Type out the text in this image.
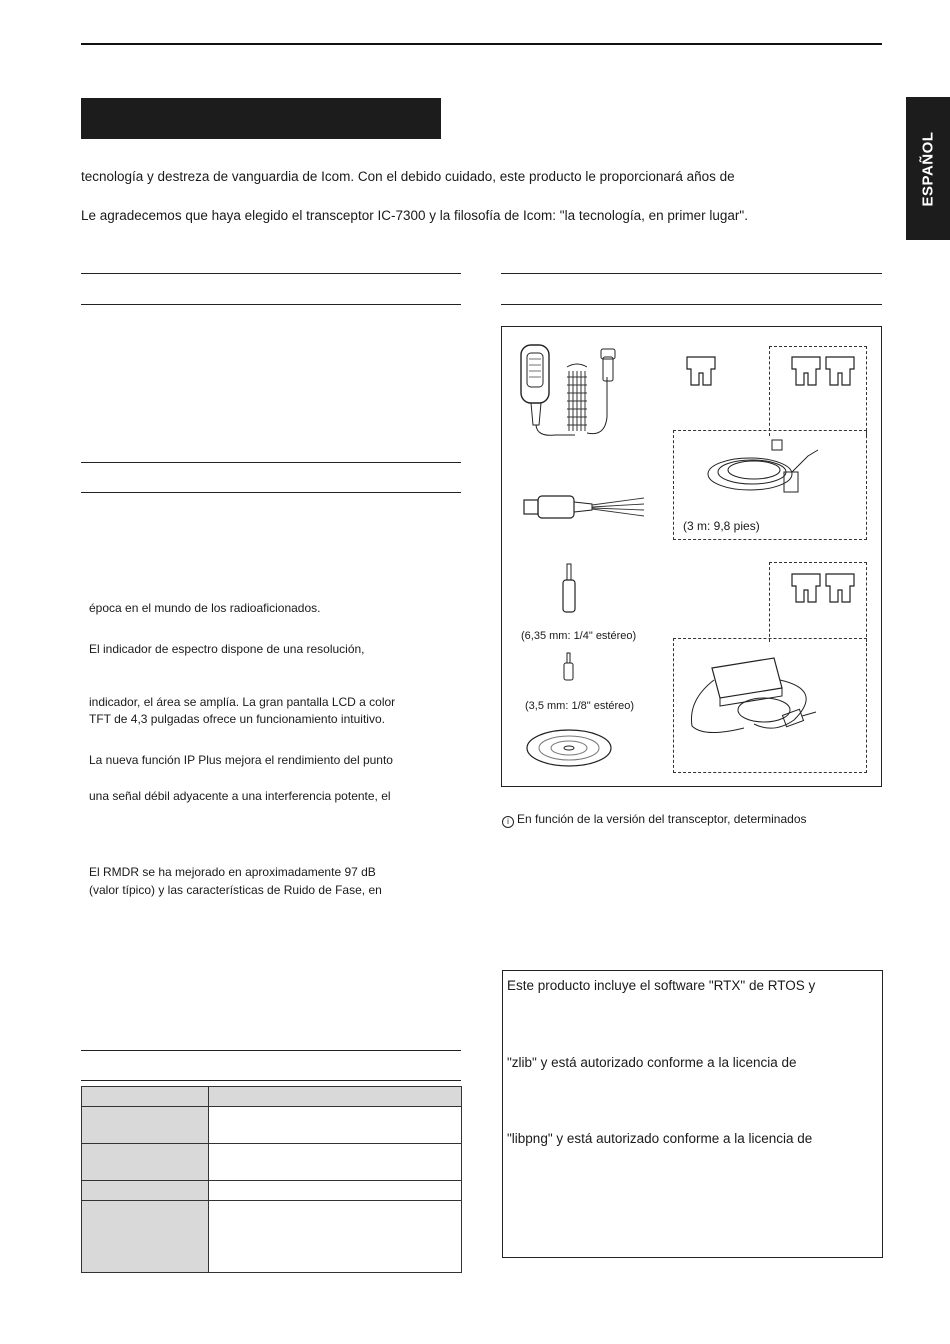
ESPAÑOL
tecnología y destreza de vanguardia de Icom. Con el debido cuidado, este producto le proporcionará años de
Le agradecemos que haya elegido el transceptor IC-7300 y la filosofía de Icom: "la tecnología, en primer lugar".
época en el mundo de los radioaficionados.
El indicador de espectro dispone de una resolución,
indicador, el área se amplía. La gran pantalla LCD a color
TFT de 4,3 pulgadas ofrece un funcionamiento intuitivo.
La nueva función IP Plus mejora el rendimiento del punto
una señal débil adyacente a una interferencia potente, el
El RMDR se ha mejorado en aproximadamente 97 dB
(valor típico) y las características de Ruido de Fase, en

(3 m: 9,8 pies)
(6,35 mm: 1/4" estéreo)
(3,5 mm: 1/8" estéreo)
i En función de la versión del transceptor, determinados
Este producto incluye el software "RTX" de RTOS y
"zlib" y está autorizado conforme a la licencia de
"libpng" y está autorizado conforme a la licencia de
